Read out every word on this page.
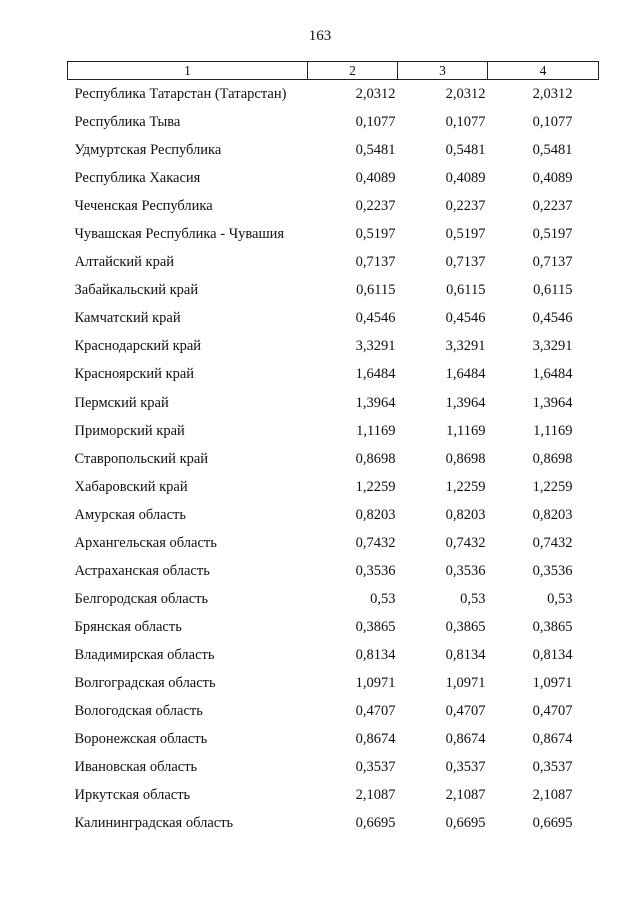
163
1	2	3	4
Республика Татарстан (Татарстан)	2,0312	2,0312	2,0312
Республика Тыва	0,1077	0,1077	0,1077
Удмуртская Республика	0,5481	0,5481	0,5481
Республика Хакасия	0,4089	0,4089	0,4089
Чеченская Республика	0,2237	0,2237	0,2237
Чувашская Республика - Чувашия	0,5197	0,5197	0,5197
Алтайский край	0,7137	0,7137	0,7137
Забайкальский край	0,6115	0,6115	0,6115
Камчатский край	0,4546	0,4546	0,4546
Краснодарский край	3,3291	3,3291	3,3291
Красноярский край	1,6484	1,6484	1,6484
Пермский край	1,3964	1,3964	1,3964
Приморский край	1,1169	1,1169	1,1169
Ставропольский край	0,8698	0,8698	0,8698
Хабаровский край	1,2259	1,2259	1,2259
Амурская область	0,8203	0,8203	0,8203
Архангельская область	0,7432	0,7432	0,7432
Астраханская область	0,3536	0,3536	0,3536
Белгородская область	0,53	0,53	0,53
Брянская область	0,3865	0,3865	0,3865
Владимирская область	0,8134	0,8134	0,8134
Волгоградская область	1,0971	1,0971	1,0971
Вологодская область	0,4707	0,4707	0,4707
Воронежская область	0,8674	0,8674	0,8674
Ивановская область	0,3537	0,3537	0,3537
Иркутская область	2,1087	2,1087	2,1087
Калининградская область	0,6695	0,6695	0,6695
